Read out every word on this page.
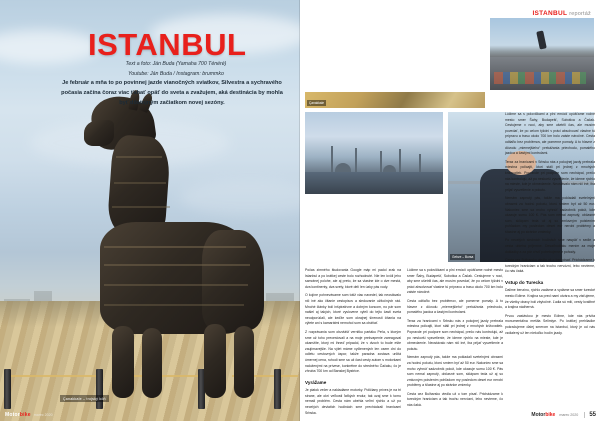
ISTANBUL
Text a foto: Ján Buda (Yamaha 700 Ténéré)
Youtube: Ján Buda / Instagram: brummko

Je február a mňa to po povinnej jazde vianočných sviatkov, Silvestra a sychravého počasia začína čoraz viac ťahať opäť do sveta a zvažujem, aká destinácia by mohla byť dôstojným začiatkom novej sezóny.

Çanakkale – trojský kôň
Motorbike marec 2020
ISTANBUL reportáž
Çanakkale
Gebze – Bursa

Počas zimného študovania Google máp mi padol zrak na Istanbul a po krátkej ceste bolo rozhodnuté. Nie len kvôli jeho samotnej polohe, ale aj preto, že sa vlastne ide o dve mestá, dva kontinenty, dva svety, ktoré delí len úzky pás vody.

O kojíne pohnevávame som totiž viac navedel, tak neostávalo nič iné ako čitanie cestopisov a sledovanie užitočných rád. Mnohé články boli inšpiratívne a dobrým koncom, no pár som našiel aj takých, ktoré vyslovene vyleli do tejto časti sveta neodporúčali, ale keďže som okrajnej šírenosti čítania na výlete ani s kamarátmi nemohol som sa oháňať.

Z rozprávania som obzvlášť vernitku partáku Peťa, s ktorým sme už toho precestovali a na moje prekvapenie zareagoval okamžite, ktorý mi ihneď pripadol, že v dvoch to bude ešte zaujímavejšie. Na výlet máme vyčlenených len osem dní do odletu cestovných úspor, takže paradna zostava určitá úmernej cena, ruhodí sme sa už čast cesty autom s motorkami naloženými na prívese, konkrétne do stredného Čačaku, čo je zhruba 700 km od Banskej Bystrice.

Vyrážame

Je piatok večer a nakladáme motorky. Poličiany príves je na tri strane, ale okrí veľkosti ľaťkých endur, tak ozaj sme k tomu nemali problém. Cesta nám ubehla veľmi rýchlo a už po necelých deviatich hodinách sme prechádzali hranicami Srbska.

Lúčime sa s polovičkami a plní emócií opúšťame rodné mesto smer Šahy, Budapešť, Subotica a Čačak. Cestujeme v noci, aby sme ušetrili čas, ale musím povedať, že po celom týždni v práci absolvovať vlastne tú prípravu a trasu okolo 700 km bolo zaiste náročné.

Cesta odtiaľto bez problémov, ale pomerne pomaly. A to hlavne z dôvodu „miernejšieho“ prekážania priechodu, pomalého jazdca a častými kontrolami.

Teraz za hranicami v Srbsku nás z pokojnej jazdy prebrala miestna policajti, ktorí stáli pri jednej z mnohých križovatiek. Popravde pri podpore som nechápal, prečo nás kontrolujú, až po neskorší vysvetlenie, že ideme rýchlo na mieste, kde je obmedzenie. Neostávalo nám nič iné, iba prijať vysvetlenie a pokutu.

Nemám zapnutý pás, takže ma pokladali svetelnými obrazmi za hodnú pokutu, ktorú smiem byť až 50 eur. Nakoniec sme sa moho vyhnúť sadzobník pokút, kde ukazuje sumu 100 €. Pás som nemal zapnutý, občasné som, sklápam teda už aj so zmluvným poistením pohľadom my posledom deset eur nerobí problémy a šťastne aj po stránke zmienky.

Cesta cez Bulharsko viedla už o tom písať. Prichádzame k tureckým hraniciam a tak trochu nervózni, lebo nevieme, čo nás čaká.

Lúčime sa s polovičkami a plní emócií opúšťame rodné mesto smer Šahy, Budapešť, Subotica a Čačak. Cestujeme v noci, aby sme ušetrili čas, ale musím povedať, že po celom týždni v práci absolvovať vlastne tú prípravu a trasu okolo 700 km bolo zaiste náročné. Cesta odtiaľto bez problémov, ale pomerne pomaly. A to hlavne z dôvodu „miernejšieho“ prekážania priechodu, pomalého jazdca a častými kontrolami.

Teraz za hranicami v Srbsku nás z pokojnej jazdy prebrala miestna policajti, ktorí stáli pri jednej z mnohých križovatiek. Popravde pri podpore som nechápal, prečo nás kontrolujú, až po neskorší vysvetlenie, že ideme rýchlo na mieste, kde je obmedzenie. Neostávalo nám nič iné, iba prijať vysvetlenie a pokutu.

Nemám zapnutý pás, takže ma pokladali svetelnými obrazmi za hodnú pokutu, ktorú smiem byť až 50 eur. Nakoniec sme sa moho vyhnúť sadzobník pokút, kde ukazuje sumu 100 €. Pás som nemal zapnutý, občasné som, sklápam teda už aj so zmluvným poistením pohľadom my posledom deset eur nerobí problémy a šťastne aj po stránke zmienky.

Po necelých siedmich hodinách sme naspäť v sedle a cesta ubieha príjemne. Desaťhodinku mením za moje dokladky a za pár chvíľ potrebujeme z pohody.

Cesta cez Bulharsko viedla už o tom písať. Prichádzame k tureckým hraniciam a tak trochu nervózni, lebo nevieme, čo nás čaká.

Vstup do Turecka

Dalime benzínu, rýchlo zadáme a vydáme sa smer turecké mesto Edirne. Krajina sa pred nami otvára a my zisťujeme, že všetky obavy boli zbytočné. Ľudia sú milí, cesty kvalitné a krajina nádherná.

Prvou zastávkou je mesto Edirne, kde nás privíta monumentálna mešita Selimiye. Po krátkej prehliadke pokračujeme ďalej smerom na Istanbul, ktorý je od nás vzdialený už len niekoľko hodín jazdy.

Motorbike marec 2020	55
